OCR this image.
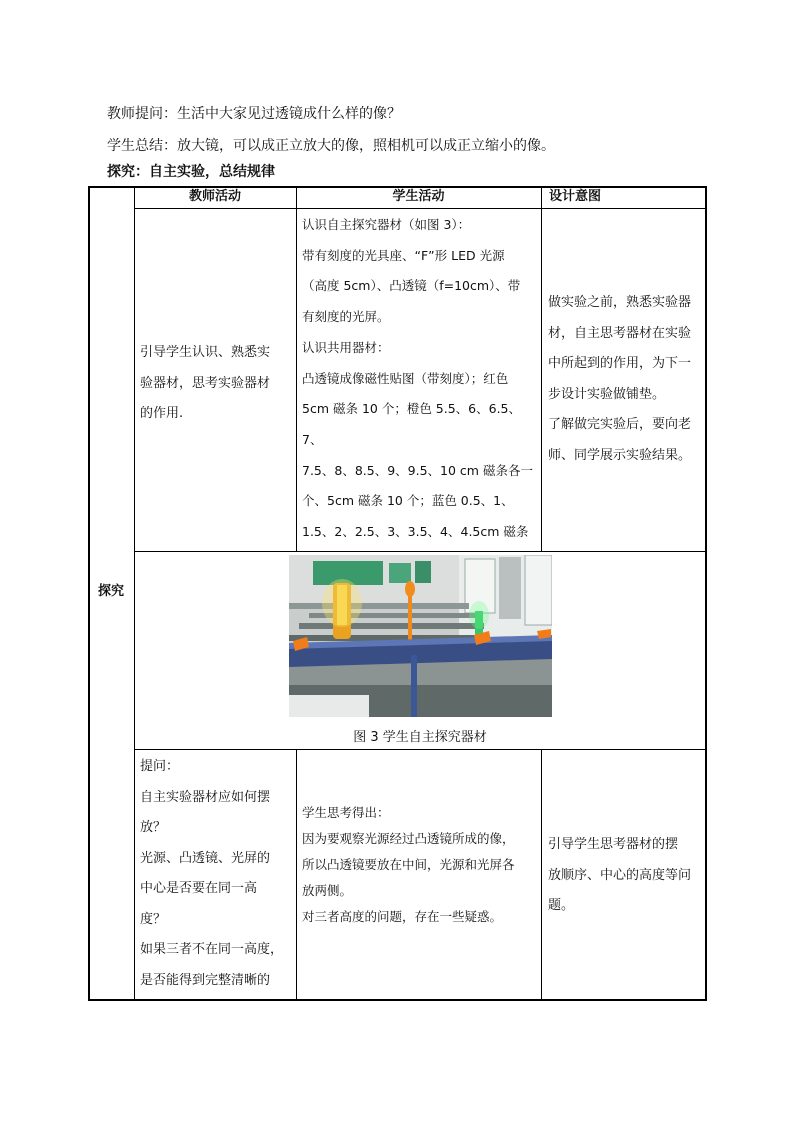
教师提问：生活中大家见过透镜成什么样的像？
学生总结：放大镜，可以成正立放大的像，照相机可以成正立缩小的像。
探究：自主实验，总结规律
教师活动	学生活动	设计意图
探究

引导学生认识、熟悉实

验器材，思考实验器材

的作用.

认识自主探究器材（如图 3）：

带有刻度的光具座、“F”形 LED 光源

（高度 5cm）、凸透镜（f=10cm）、带

有刻度的光屏。

认识共用器材：

凸透镜成像磁性贴图（带刻度）；红色

5cm 磁条 10 个；橙色 5.5、6、6.5、7、

7.5、8、8.5、9、9.5、10 cm 磁条各一

个、5cm 磁条 10 个；蓝色 0.5、1、

1.5、2、2.5、3、3.5、4、4.5cm 磁条

做实验之前，熟悉实验器

材，自主思考器材在实验

中所起到的作用，为下一

步设计实验做铺垫。

了解做完实验后，要向老

师、同学展示实验结果。

图 3 学生自主探究器材

提问：

自主实验器材应如何摆

放？

光源、凸透镜、光屏的

中心是否要在同一高

度？

如果三者不在同一高度，

是否能得到完整清晰的

学生思考得出：

因为要观察光源经过凸透镜所成的像，

所以凸透镜要放在中间，光源和光屏各

放两侧。

对三者高度的问题，存在一些疑惑。

引导学生思考器材的摆

放顺序、中心的高度等问

题。
